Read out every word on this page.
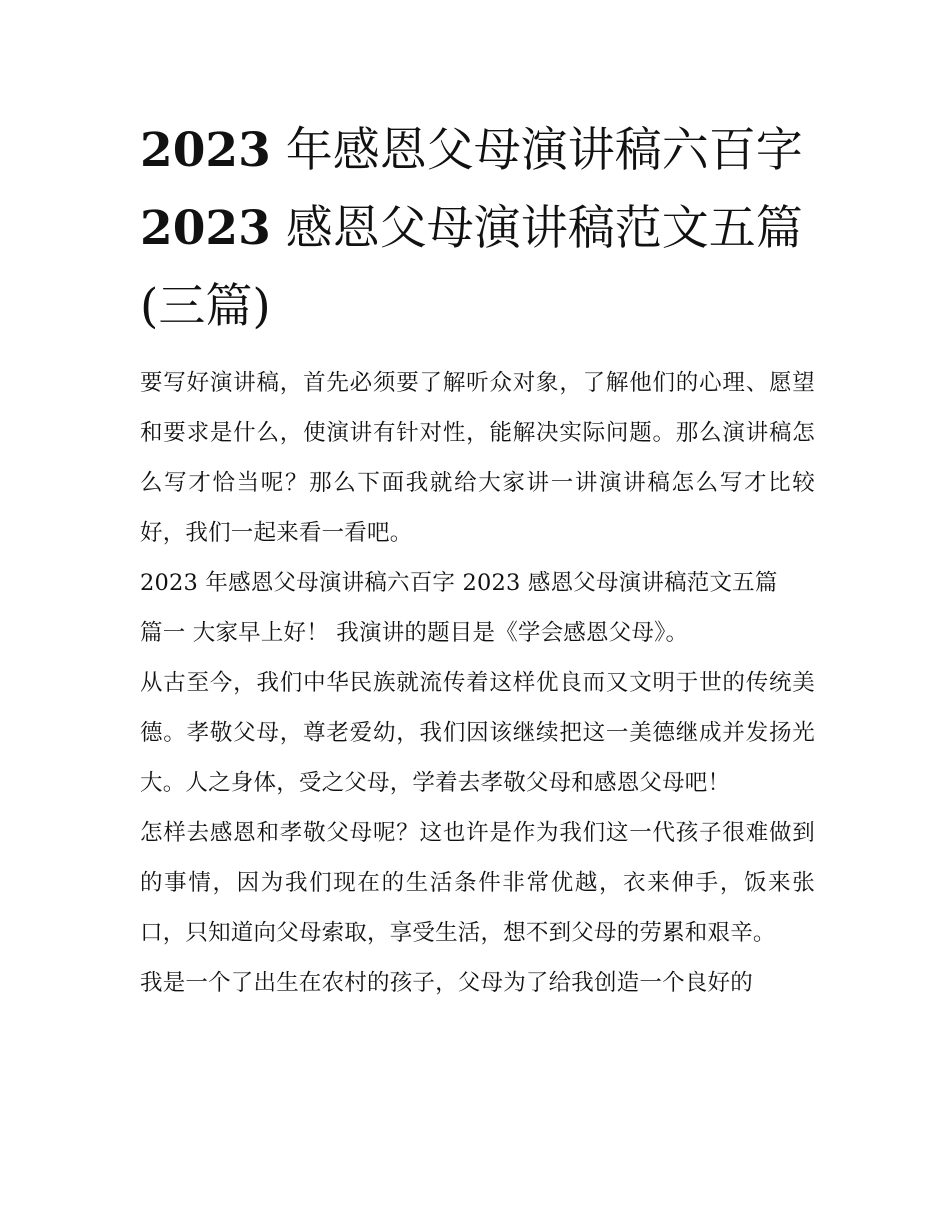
2023 年感恩父母演讲稿六百字
2023 感恩父母演讲稿范文五篇
(三篇)

要写好演讲稿，首先必须要了解听众对象，了解他们的心理、愿望和要求是什么，使演讲有针对性，能解决实际问题。那么演讲稿怎么写才恰当呢？那么下面我就给大家讲一讲演讲稿怎么写才比较好，我们一起来看一看吧。

2023 年感恩父母演讲稿六百字 2023 感恩父母演讲稿范文五篇

篇一 大家早上好！ 我演讲的题目是《学会感恩父母》。

从古至今，我们中华民族就流传着这样优良而又文明于世的传统美德。孝敬父母，尊老爱幼，我们因该继续把这一美德继成并发扬光大。人之身体，受之父母，学着去孝敬父母和感恩父母吧！

怎样去感恩和孝敬父母呢？这也许是作为我们这一代孩子很难做到的事情，因为我们现在的生活条件非常优越，衣来伸手，饭来张口，只知道向父母索取，享受生活，想不到父母的劳累和艰辛。

我是一个了出生在农村的孩子，父母为了给我创造一个良好的
